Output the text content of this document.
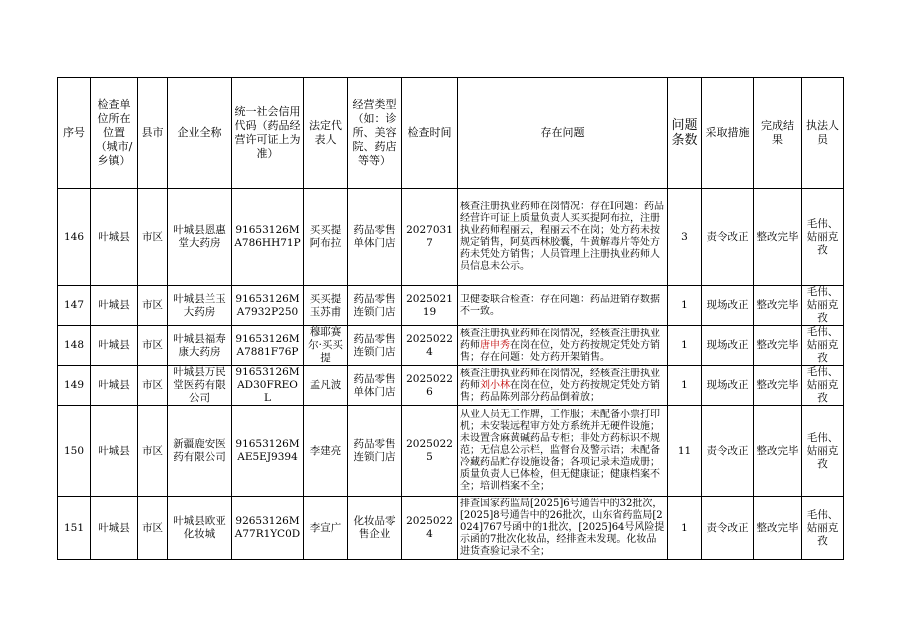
序号	检查单位所在位置（城市/乡镇）	县市	企业全称	统一社会信用代码（药品经营许可证上为准）	法定代表人	经营类型（如：诊所、美容院、药店等等）	检查时间	存在问题	问题条数	采取措施	完成结果	执法人员
146	叶城县	市区	叶城县恩惠堂大药房	91653126MA786HH71P	买买提阿布拉	药品零售单体门店	20270317	核查注册执业药师在岗情况：存在I问题：药品经营许可证上质量负责人买买提阿布拉，注册执业药师程丽云，程丽云不在岗；处方药未按规定销售，阿莫西林胶囊，牛黄解毒片等处方药未凭处方销售；人员管理上注册执业药师人员信息未公示。	3	责令改正	整改完毕	毛伟、姑丽克孜
147	叶城县	市区	叶城县兰玉大药房	91653126MA7932P250	买买提玉苏甫	药品零售连锁门店	202502119	卫健委联合检查：存在问题：药品进销存数据不一致。	1	现场改正	整改完毕	毛伟、姑丽克孜
148	叶城县	市区	叶城县福寿康大药房	91653126MA7881F76P	穆耶赛尔·买买提	药品零售连锁门店	20250224	核查注册执业药师在岗情况，经核查注册执业药师唐申秀在岗在位，处方药按规定凭处方销售；存在问题：处方药开架销售。	1	现场改正	整改完毕	毛伟、姑丽克孜
149	叶城县	市区	叶城县万民堂医药有限公司	91653126MAD30FREOL	孟凡波	药品零售单体门店	20250226	核查注册执业药师在岗情况，经核查注册执业药师刘小林在岗在位，处方药按规定凭处方销售；药品陈列部分药品倒着放；	1	现场改正	整改完毕	毛伟、姑丽克孜
150	叶城县	市区	新疆鹿安医药有限公司	91653126MAE5EJ9394	李建亮	药品零售连锁门店	20250225	从业人员无工作牌，工作服；未配备小票打印机；未安装远程审方处方系统并无硬件设施；未设置含麻黄碱药品专柜；非处方药标识不规范；无信息公示栏，监督台及警示语；未配备冷藏药品贮存设施设备；各项记录未造成册；质量负责人已体检，但无健康证；健康档案不全；培训档案不全；	11	责令改正	整改完毕	毛伟、姑丽克孜
151	叶城县	市区	叶城县欧亚化妆城	92653126MA77R1YC0D	李宣广	化妆品零售企业	20250224	排查国家药监局[2025]6号通告中的32批次，[2025]8号通告中的26批次，山东省药监局[2024]767号函中的1批次，[2025]64号风险提示函的7批次化妆品，经排查未发现。化妆品进货查验记录不全；	1	责令改正	整改完毕	毛伟、姑丽克孜
